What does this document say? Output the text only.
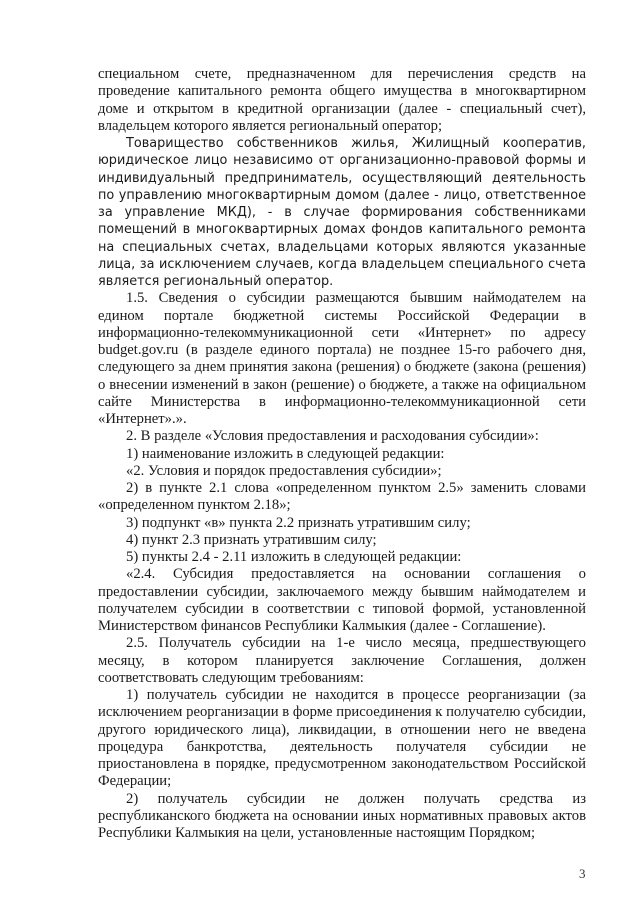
специальном счете, предназначенном для перечисления средств на проведение капитального ремонта общего имущества в многоквартирном доме и открытом в кредитной организации (далее - специальный счет), владельцем которого является региональный оператор;

Товарищество собственников жилья, Жилищный кооператив, юридическое лицо независимо от организационно-правовой формы и индивидуальный предприниматель, осуществляющий деятельность по управлению многоквартирным домом (далее - лицо, ответственное за управление МКД), - в случае формирования собственниками помещений в многоквартирных домах фондов капитального ремонта на специальных счетах, владельцами которых являются указанные лица, за исключением случаев, когда владельцем специального счета является региональный оператор.

1.5. Сведения о субсидии размещаются бывшим наймодателем на едином портале бюджетной системы Российской Федерации в информационно-телекоммуникационной сети «Интернет» по адресу budget.gov.ru (в разделе единого портала) не позднее 15-го рабочего дня, следующего за днем принятия закона (решения) о бюджете (закона (решения) о внесении изменений в закон (решение) о бюджете, а также на официальном сайте Министерства в информационно-телекоммуникационной сети «Интернет».».

2. В разделе «Условия предоставления и расходования субсидии»:

1) наименование изложить в следующей редакции:

«2. Условия и порядок предоставления субсидии»;

2) в пункте 2.1 слова «определенном пунктом 2.5» заменить словами «определенном пунктом 2.18»;

3) подпункт «в» пункта 2.2 признать утратившим силу;

4) пункт 2.3 признать утратившим силу;

5) пункты 2.4 - 2.11 изложить в следующей редакции:

«2.4. Субсидия предоставляется на основании соглашения о предоставлении субсидии, заключаемого между бывшим наймодателем и получателем субсидии в соответствии с типовой формой, установленной Министерством финансов Республики Калмыкия (далее - Соглашение).

2.5. Получатель субсидии на 1-е число месяца, предшествующего месяцу, в котором планируется заключение Соглашения, должен соответствовать следующим требованиям:

1) получатель субсидии не находится в процессе реорганизации (за исключением реорганизации в форме присоединения к получателю субсидии, другого юридического лица), ликвидации, в отношении него не введена процедура банкротства, деятельность получателя субсидии не приостановлена в порядке, предусмотренном законодательством Российской Федерации;

2) получатель субсидии не должен получать средства из республиканского бюджета на основании иных нормативных правовых актов Республики Калмыкия на цели, установленные настоящим Порядком;

3
